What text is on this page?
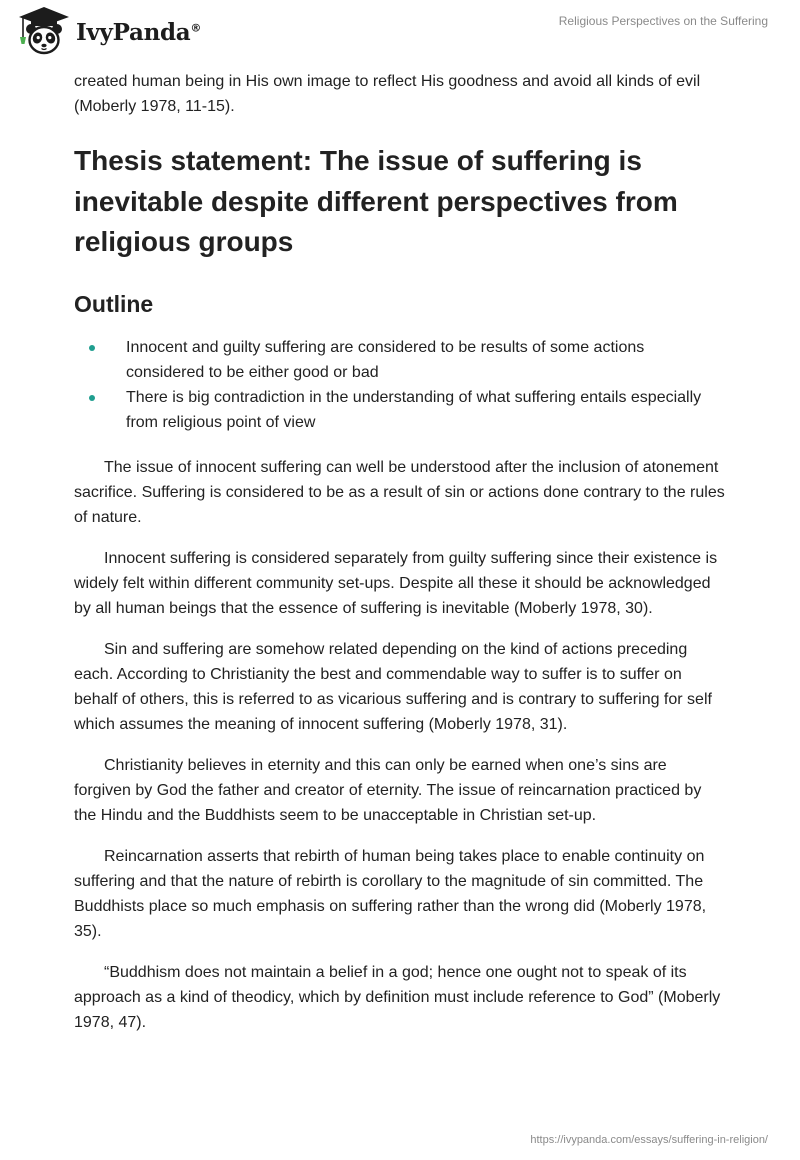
IvyPanda®	Religious Perspectives on the Suffering

created human being in His own image to reflect His goodness and avoid all kinds of evil (Moberly 1978, 11-15).

Thesis statement: The issue of suffering is inevitable despite different perspectives from religious groups
Outline
Innocent and guilty suffering are considered to be results of some actions considered to be either good or bad
There is big contradiction in the understanding of what suffering entails especially from religious point of view

The issue of innocent suffering can well be understood after the inclusion of atonement sacrifice. Suffering is considered to be as a result of sin or actions done contrary to the rules of nature.

Innocent suffering is considered separately from guilty suffering since their existence is widely felt within different community set-ups. Despite all these it should be acknowledged by all human beings that the essence of suffering is inevitable (Moberly 1978, 30).

Sin and suffering are somehow related depending on the kind of actions preceding each. According to Christianity the best and commendable way to suffer is to suffer on behalf of others, this is referred to as vicarious suffering and is contrary to suffering for self which assumes the meaning of innocent suffering (Moberly 1978, 31).

Christianity believes in eternity and this can only be earned when one’s sins are forgiven by God the father and creator of eternity. The issue of reincarnation practiced by the Hindu and the Buddhists seem to be unacceptable in Christian set-up.

Reincarnation asserts that rebirth of human being takes place to enable continuity on suffering and that the nature of rebirth is corollary to the magnitude of sin committed. The Buddhists place so much emphasis on suffering rather than the wrong did (Moberly 1978, 35).

“Buddhism does not maintain a belief in a god; hence one ought not to speak of its approach as a kind of theodicy, which by definition must include reference to God” (Moberly 1978, 47).

https://ivypanda.com/essays/suffering-in-religion/
